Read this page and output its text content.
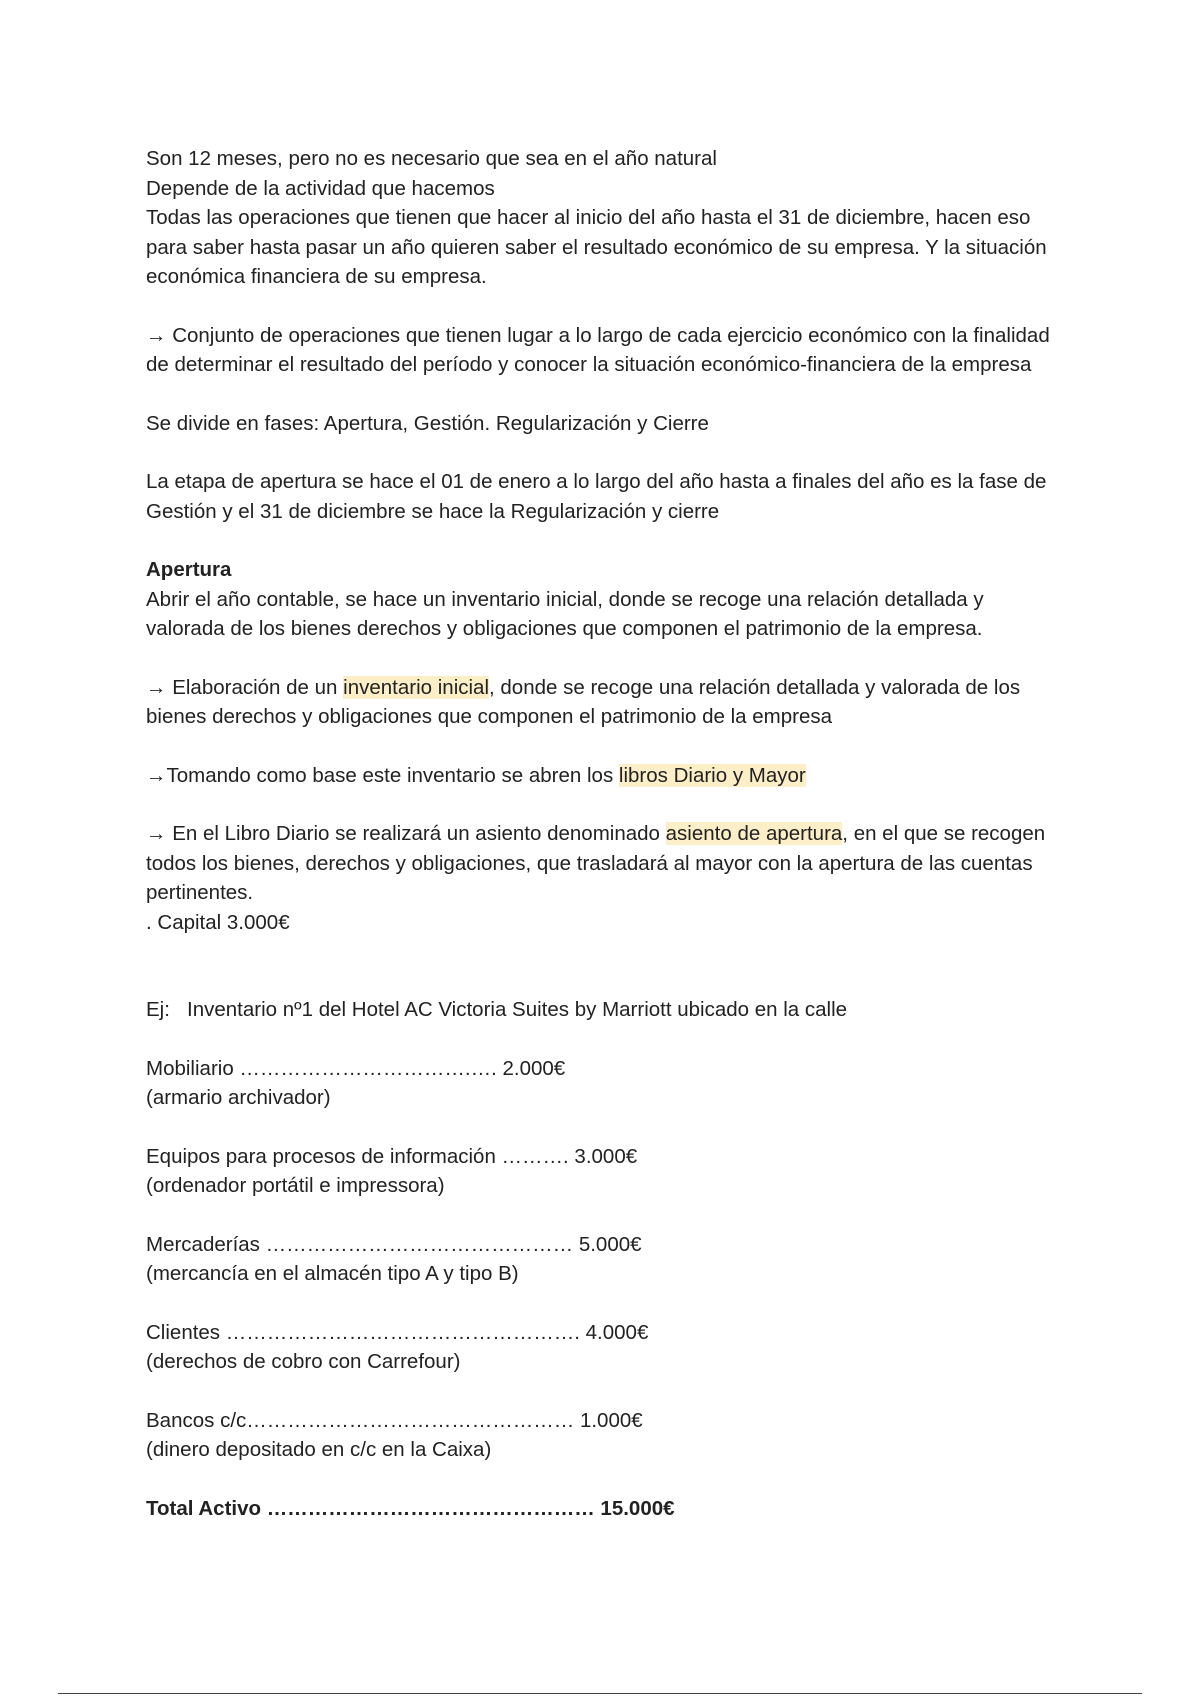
Son 12 meses, pero no es necesario que sea en el año natural

Depende de la actividad que hacemos

Todas las operaciones que tienen que hacer al inicio del año hasta el 31 de diciembre, hacen eso para saber hasta pasar un año quieren saber el resultado económico de su empresa. Y la situación económica financiera de su empresa.

→ Conjunto de operaciones que tienen lugar a lo largo de cada ejercicio económico con la finalidad de determinar el resultado del período y conocer la situación económico-financiera de la empresa

Se divide en fases: Apertura, Gestión. Regularización y Cierre

La etapa de apertura se hace el 01 de enero a lo largo del año hasta a finales del año es la fase de Gestión y el 31 de diciembre se hace la Regularización y cierre

Apertura

Abrir el año contable, se hace un inventario inicial, donde se recoge una relación detallada y valorada de los bienes derechos y obligaciones que componen el patrimonio de la empresa.

→ Elaboración de un inventario inicial, donde se recoge una relación detallada y valorada de los bienes derechos y obligaciones que componen el patrimonio de la empresa

→Tomando como base este inventario se abren los libros Diario y Mayor

→ En el Libro Diario se realizará un asiento denominado asiento de apertura, en el que se recogen todos los bienes, derechos y obligaciones, que trasladará al mayor con la apertura de las cuentas pertinentes.

. Capital 3.000€

Ej:   Inventario nº1 del Hotel AC Victoria Suites by Marriott ubicado en la calle

Mobiliario …………………………….…. 2.000€

(armario archivador)

Equipos para procesos de información ………. 3.000€

(ordenador portátil e impressora)

Mercaderías ……………………………………… 5.000€

(mercancía en el almacén tipo A y tipo B)

Clientes ……………………………………………. 4.000€

(derechos de cobro con Carrefour)

Bancos c/c………………………………………… 1.000€

(dinero depositado en c/c en la Caixa)

Total Activo ………………………………………… 15.000€
